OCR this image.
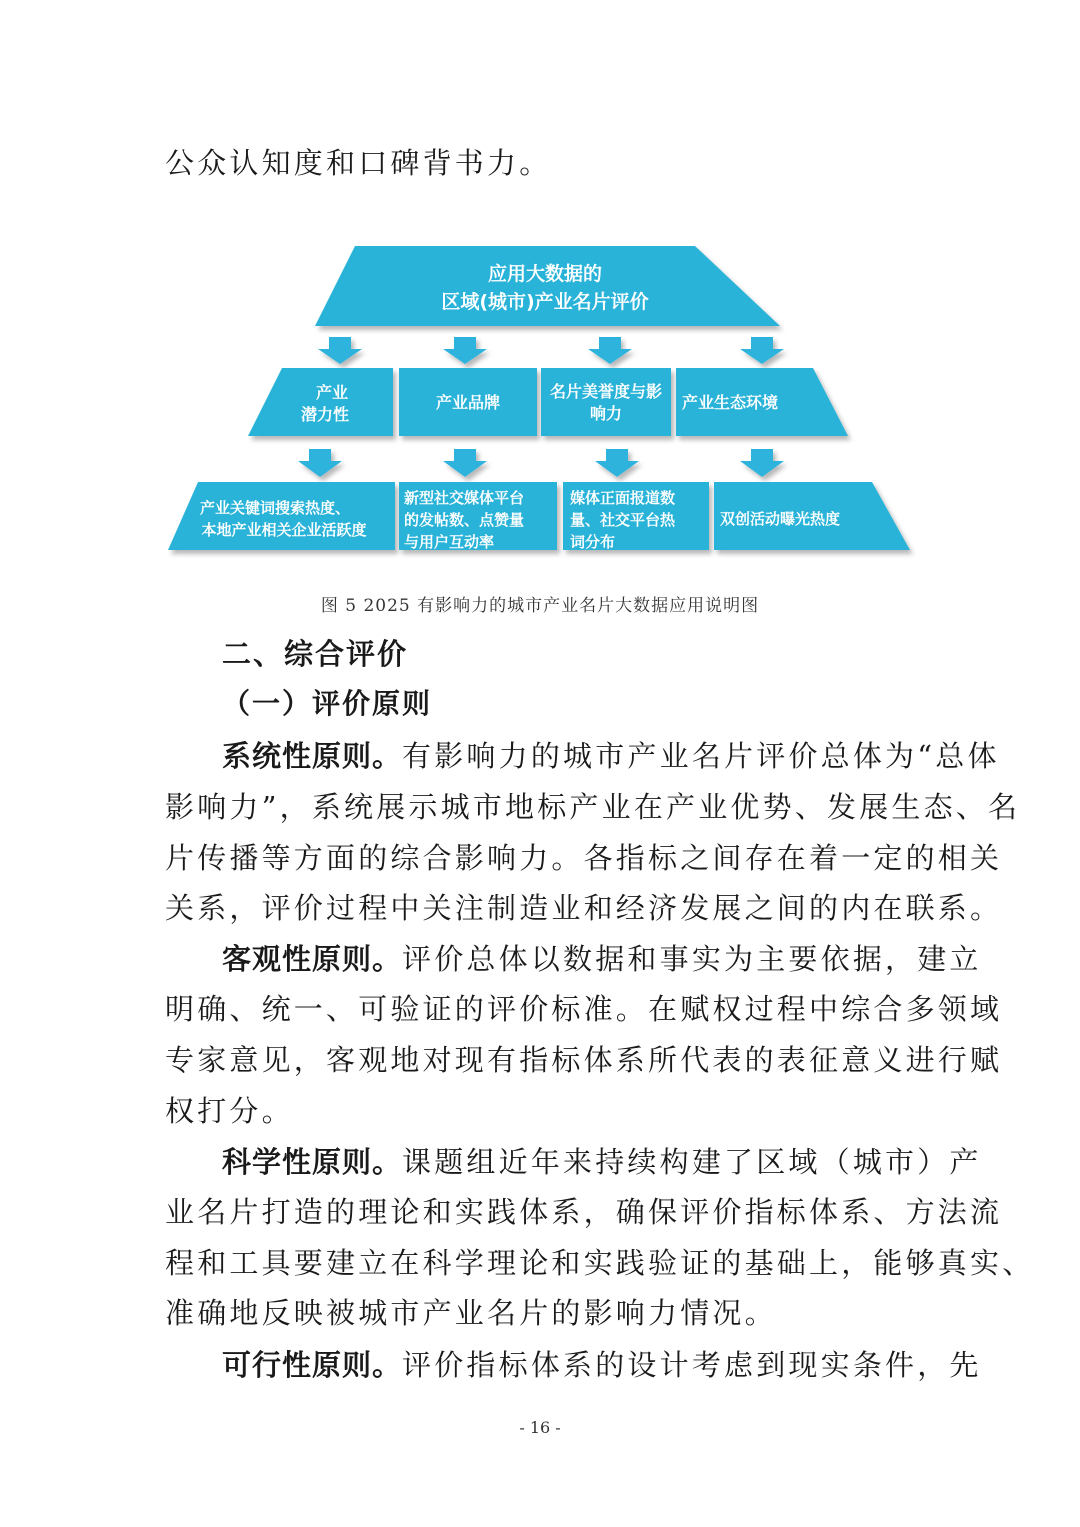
公众认知度和口碑背书力。
应用大数据的
区域(城市)产业名片评价
产业
潜力性
产业品牌
名片美誉度与影
响力
产业生态环境
产业关键词搜索热度、
本地产业相关企业活跃度
新型社交媒体平台
的发帖数、点赞量
与用户互动率
媒体正面报道数
量、社交平台热
词分布
双创活动曝光热度
图 5 2025 有影响力的城市产业名片大数据应用说明图
二、综合评价
（一）评价原则
系统性原则。有影响力的城市产业名片评价总体为“总体
影响力”，系统展示城市地标产业在产业优势、发展生态、名
片传播等方面的综合影响力。各指标之间存在着一定的相关
关系，评价过程中关注制造业和经济发展之间的内在联系。
客观性原则。评价总体以数据和事实为主要依据，建立
明确、统一、可验证的评价标准。在赋权过程中综合多领域
专家意见，客观地对现有指标体系所代表的表征意义进行赋
权打分。
科学性原则。课题组近年来持续构建了区域（城市）产
业名片打造的理论和实践体系，确保评价指标体系、方法流
程和工具要建立在科学理论和实践验证的基础上，能够真实、
准确地反映被城市产业名片的影响力情况。
可行性原则。评价指标体系的设计考虑到现实条件，先
- 16 -
